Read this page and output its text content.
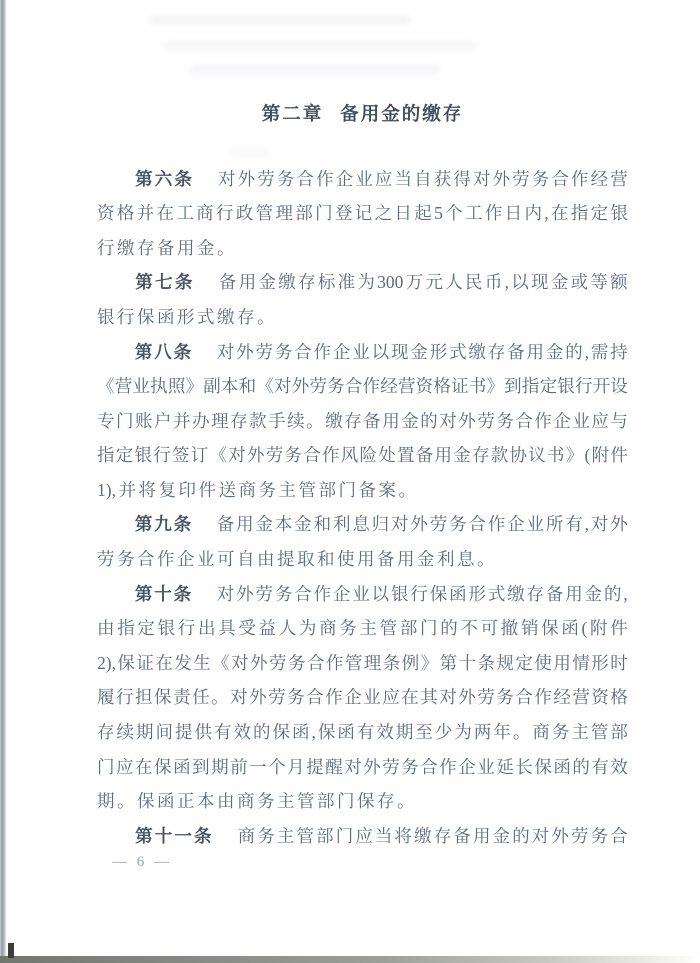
第二章 备用金的缴存
第 六 条 对 外 劳 务 合 作 企 业 应 当 自 获 得 对 外 劳 务 合 作 经 营
资 格 并 在 工 商 行 政 管 理 部 门 登 记 之 日 起 5 个 工 作 日 内 , 在 指 定 银
行 缴 存 备 用 金 。
第 七 条 备 用 金 缴 存 标 准 为 300 万 元 人 民 币 , 以 现 金 或 等 额
银 行 保 函 形 式 缴 存 。
第 八 条 对 外 劳 务 合 作 企 业 以 现 金 形 式 缴 存 备 用 金 的 , 需 持
《 营 业 执 照 》 副 本 和 《 对 外 劳 务 合 作 经 营 资 格 证 书 》 到 指 定 银 行 开 设
专 门 账 户 并 办 理 存 款 手 续 。 缴 存 备 用 金 的 对 外 劳 务 合 作 企 业 应 与
指 定 银 行 签 订 《 对 外 劳 务 合 作 风 险 处 置 备 用 金 存 款 协 议 书 》 ( 附 件
1), 并 将 复 印 件 送 商 务 主 管 部 门 备 案 。
第 九 条 备 用 金 本 金 和 利 息 归 对 外 劳 务 合 作 企 业 所 有 , 对 外
劳 务 合 作 企 业 可 自 由 提 取 和 使 用 备 用 金 利 息 。
第 十 条 对 外 劳 务 合 作 企 业 以 银 行 保 函 形 式 缴 存 备 用 金 的 ,
由 指 定 银 行 出 具 受 益 人 为 商 务 主 管 部 门 的 不 可 撤 销 保 函 ( 附 件
2), 保 证 在 发 生 《 对 外 劳 务 合 作 管 理 条 例 》 第 十 条 规 定 使 用 情 形 时
履 行 担 保 责 任 。 对 外 劳 务 合 作 企 业 应 在 其 对 外 劳 务 合 作 经 营 资 格
存 续 期 间 提 供 有 效 的 保 函 , 保 函 有 效 期 至 少 为 两 年 。 商 务 主 管 部
门 应 在 保 函 到 期 前 一 个 月 提 醒 对 外 劳 务 合 作 企 业 延 长 保 函 的 有 效
期 。 保 函 正 本 由 商 务 主 管 部 门 保 存 。
第 十 一 条 商 务 主 管 部 门 应 当 将 缴 存 备 用 金 的 对 外 劳 务 合
— 6 —
